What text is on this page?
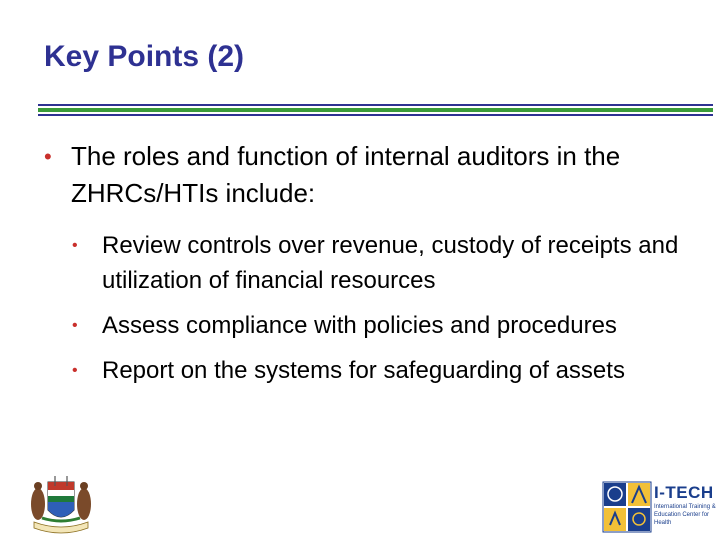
Key Points (2)
• The roles and function of internal auditors in the ZHRCs/HTIs include:
•	Review controls over revenue, custody of receipts and utilization of financial resources
•	Assess compliance with policies and procedures
•	Report on the systems for safeguarding of assets
I-TECH
International Training & Education Center for Health
